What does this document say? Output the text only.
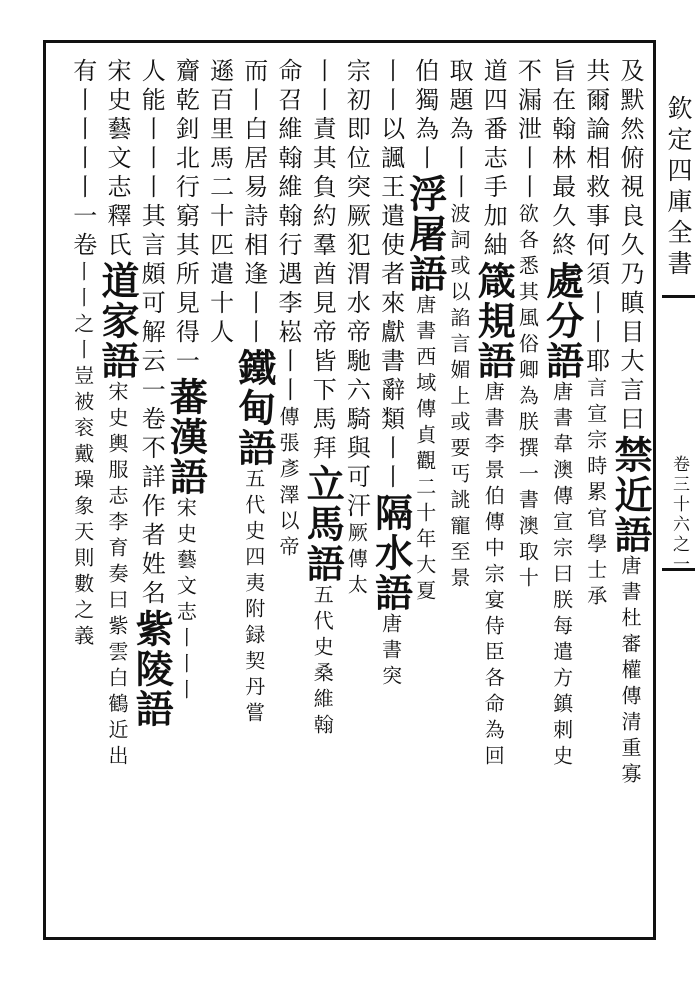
欽定四庫全書
卷三十六之一
及默然俯視良久乃瞋目大言曰禁近語唐書杜審權傳清重寡
共爾論相救事何須丨丨耶言宣宗時累官學士承
旨在翰林最久終處分語唐書韋澳傳宣宗曰朕每遣方鎮刺史
不漏泄丨丨欲各悉其風俗卿為朕撰一書澳取十
道四番志手加紬箴規語唐書李景伯傳中宗宴侍臣各命為回
取題為丨丨波詞或以諂言媚上或要丐誂寵至景
伯獨為丨浮屠語唐書西域傳貞觀二十年大夏
丨丨以諷王遣使者來獻書辭類丨丨隔水語唐書突
宗初即位突厥犯渭水帝馳六騎與可汗厥傳太
丨丨責其負約羣酋見帝皆下馬拜立馬語五代史桑維翰
命召維翰維翰行遇李崧丨丨傳張彥澤以帝
而丨白居易詩相逢丨丨鐵甸語五代史四夷附録契丹嘗
遜百里馬二十匹遣十人
齎乾釗北行窮其所見得一蕃漢語宋史藝文志丨丨丨
人能丨丨丨其言頗可解云一卷不詳作者姓名紫陵語
宋史藝文志釋氏道家語宋史輿服志李育奏曰紫雲白鶴近出
有丨丨丨丨一卷丨丨之丨豈被衮戴璪象天則數之義
